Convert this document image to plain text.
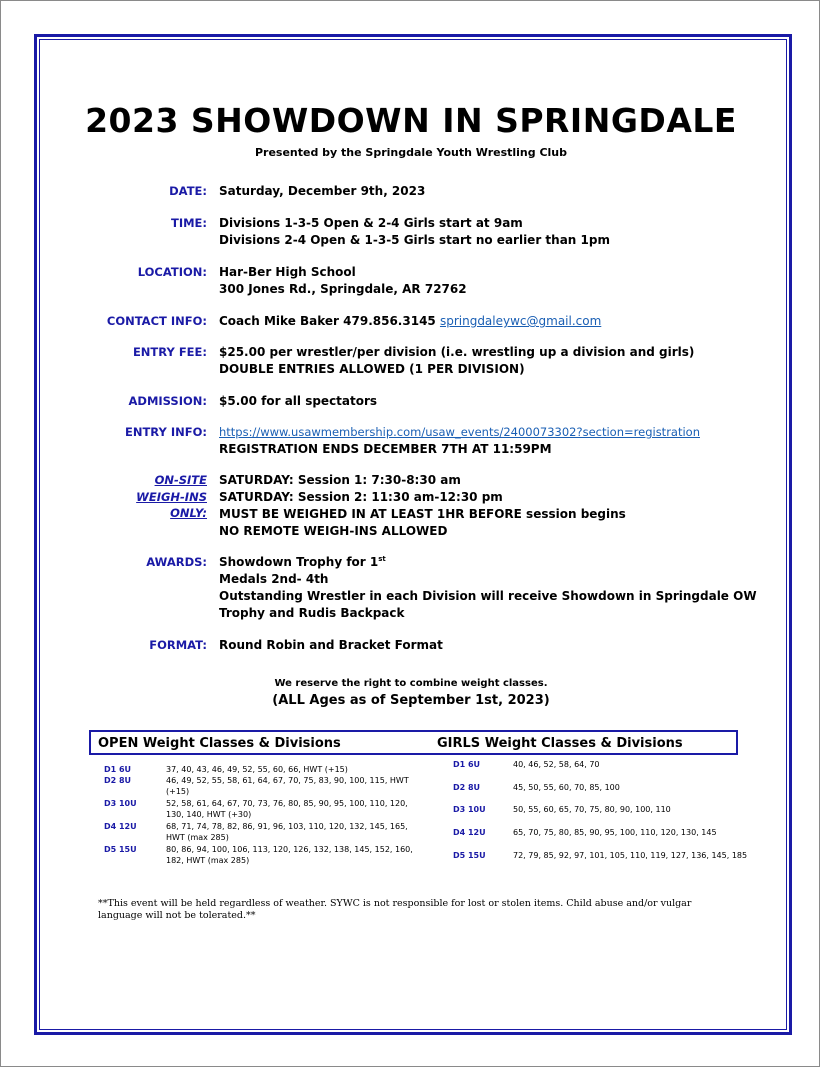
2023 SHOWDOWN IN SPRINGDALE
Presented by the Springdale Youth Wrestling Club
DATE: Saturday, December 9th, 2023
TIME: Divisions 1-3-5 Open & 2-4 Girls start at 9am
Divisions 2-4 Open & 1-3-5 Girls start no earlier than 1pm
LOCATION: Har-Ber High School
300 Jones Rd., Springdale, AR 72762
CONTACT INFO: Coach Mike Baker 479.856.3145 springdaleywc@gmail.com
ENTRY FEE: $25.00 per wrestler/per division (i.e. wrestling up a division and girls)
DOUBLE ENTRIES ALLOWED (1 PER DIVISION)
ADMISSION: $5.00 for all spectators
ENTRY INFO: https://www.usawmembership.com/usaw_events/2400073302?section=registration
REGISTRATION ENDS DECEMBER 7TH AT 11:59PM
ON-SITE
WEIGH-INS
ONLY:
SATURDAY: Session 1: 7:30-8:30 am
SATURDAY: Session 2: 11:30 am-12:30 pm
MUST BE WEIGHED IN AT LEAST 1HR BEFORE session begins
NO REMOTE WEIGH-INS ALLOWED
AWARDS: Showdown Trophy for 1st
Medals 2nd- 4th
Outstanding Wrestler in each Division will receive Showdown in Springdale OW
Trophy and Rudis Backpack
FORMAT: Round Robin and Bracket Format
We reserve the right to combine weight classes.
(ALL Ages as of September 1st, 2023)
OPEN Weight Classes & Divisions	GIRLS Weight Classes & Divisions
D1 6U	37, 40, 43, 46, 49, 52, 55, 60, 66, HWT (+15)
D2 8U	46, 49, 52, 55, 58, 61, 64, 67, 70, 75, 83, 90, 100, 115, HWT (+15)
D3 10U	52, 58, 61, 64, 67, 70, 73, 76, 80, 85, 90, 95, 100, 110, 120, 130, 140, HWT (+30)
D4 12U	68, 71, 74, 78, 82, 86, 91, 96, 103, 110, 120, 132, 145, 165, HWT (max 285)
D5 15U	80, 86, 94, 100, 106, 113, 120, 126, 132, 138, 145, 152, 160, 182, HWT (max 285)
D1 6U	40, 46, 52, 58, 64, 70
D2 8U	45, 50, 55, 60, 70, 85, 100
D3 10U	50, 55, 60, 65, 70, 75, 80, 90, 100, 110
D4 12U	65, 70, 75, 80, 85, 90, 95, 100, 110, 120, 130, 145
D5 15U	72, 79, 85, 92, 97, 101, 105, 110, 119, 127, 136, 145, 185
**This event will be held regardless of weather. SYWC is not responsible for lost or stolen items. Child abuse and/or vulgar language will not be tolerated.**
